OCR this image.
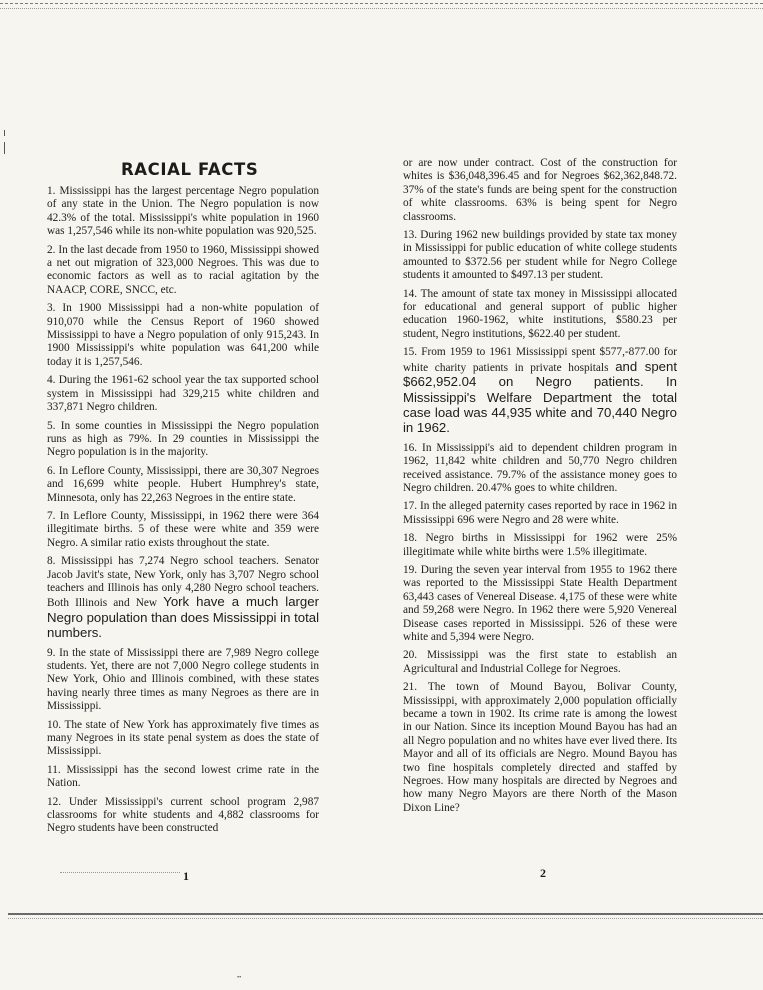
RACIAL FACTS

1. Mississippi has the largest percentage Negro population of any state in the Union. The Negro population is now 42.3% of the total. Mississippi's white population in 1960 was 1,257,546 while its non-white population was 920,525.

2. In the last decade from 1950 to 1960, Mississippi showed a net out migration of 323,000 Negroes. This was due to economic factors as well as to racial agitation by the NAACP, CORE, SNCC, etc.

3. In 1900 Mississippi had a non-white population of 910,070 while the Census Report of 1960 showed Mississippi to have a Negro population of only 915,243. In 1900 Mississippi's white population was 641,200 while today it is 1,257,546.

4. During the 1961-62 school year the tax supported school system in Mississippi had 329,215 white children and 337,871 Negro children.

5. In some counties in Mississippi the Negro population runs as high as 79%. In 29 counties in Mississippi the Negro population is in the majority.

6. In Leflore County, Mississippi, there are 30,307 Negroes and 16,699 white people. Hubert Humphrey's state, Minnesota, only has 22,263 Negroes in the entire state.

7. In Leflore County, Mississippi, in 1962 there were 364 illegitimate births. 5 of these were white and 359 were Negro. A similar ratio exists throughout the state.

8. Mississippi has 7,274 Negro school teachers. Senator Jacob Javit's state, New York, only has 3,707 Negro school teachers and Illinois has only 4,280 Negro school teachers. Both Illinois and New York have a much larger Negro population than does Mississippi in total numbers.

9. In the state of Mississippi there are 7,989 Negro college students. Yet, there are not 7,000 Negro college students in New York, Ohio and Illinois combined, with these states having nearly three times as many Negroes as there are in Mississippi.

10. The state of New York has approximately five times as many Negroes in its state penal system as does the state of Mississippi.

11. Mississippi has the second lowest crime rate in the Nation.

12. Under Mississippi's current school program 2,987 classrooms for white students and 4,882 classrooms for Negro students have been constructed

or are now under contract. Cost of the construction for whites is $36,048,396.45 and for Negroes $62,362,848.72. 37% of the state's funds are being spent for the construction of white classrooms. 63% is being spent for Negro classrooms.

13. During 1962 new buildings provided by state tax money in Mississippi for public education of white college students amounted to $372.56 per student while for Negro College students it amounted to $497.13 per student.

14. The amount of state tax money in Mississippi allocated for educational and general support of public higher education 1960-1962, white institutions, $580.23 per student, Negro institutions, $622.40 per student.

15. From 1959 to 1961 Mississippi spent $577,-877.00 for white charity patients in private hospitals and spent $662,952.04 on Negro patients. In Mississippi's Welfare Department the total case load was 44,935 white and 70,440 Negro in 1962.

16. In Mississippi's aid to dependent children program in 1962, 11,842 white children and 50,770 Negro children received assistance. 79.7% of the assistance money goes to Negro children. 20.47% goes to white children.

17. In the alleged paternity cases reported by race in 1962 in Mississippi 696 were Negro and 28 were white.

18. Negro births in Mississippi for 1962 were 25% illegitimate while white births were 1.5% illegitimate.

19. During the seven year interval from 1955 to 1962 there was reported to the Mississippi State Health Department 63,443 cases of Venereal Disease. 4,175 of these were white and 59,268 were Negro. In 1962 there were 5,920 Venereal Disease cases reported in Mississippi. 526 of these were white and 5,394 were Negro.

20. Mississippi was the first state to establish an Agricultural and Industrial College for Negroes.

21. The town of Mound Bayou, Bolivar County, Mississippi, with approximately 2,000 population officially became a town in 1902. Its crime rate is among the lowest in our Nation. Since its inception Mound Bayou has had an all Negro population and no whites have ever lived there. Its Mayor and all of its officials are Negro. Mound Bayou has two fine hospitals completely directed and staffed by Negroes. How many hospitals are directed by Negroes and how many Negro Mayors are there North of the Mason Dixon Line?

1	2
••
